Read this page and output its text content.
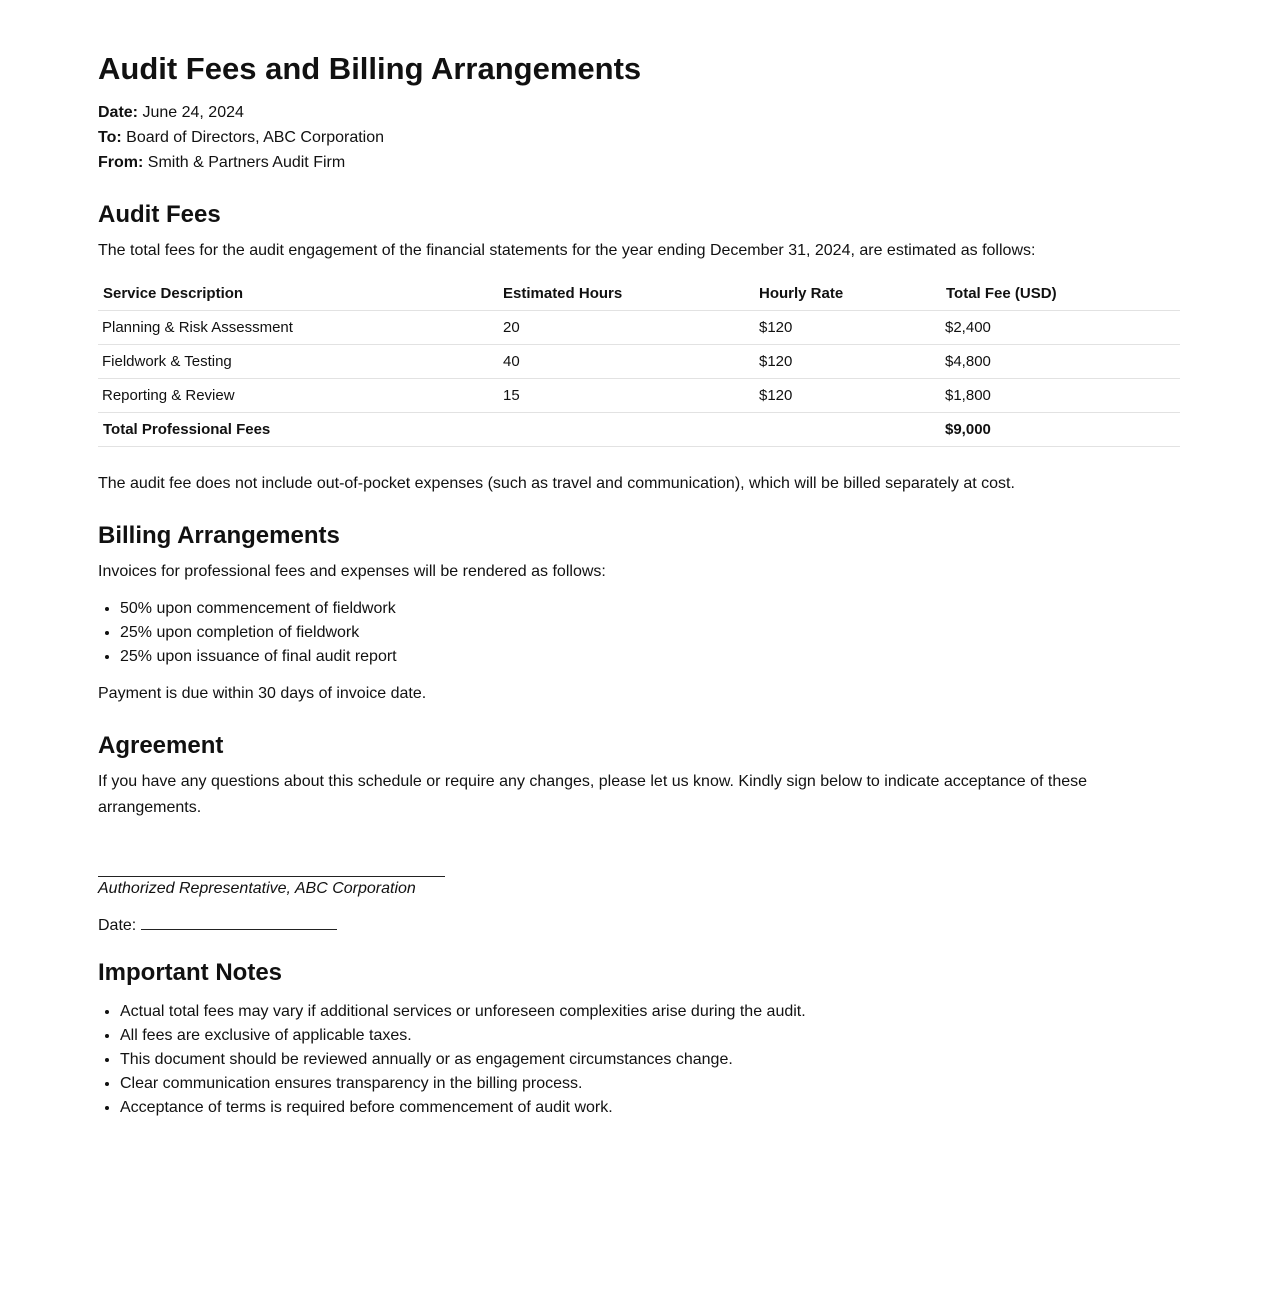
Audit Fees and Billing Arrangements

Date: June 24, 2024

To: Board of Directors, ABC Corporation

From: Smith & Partners Audit Firm

Audit Fees

The total fees for the audit engagement of the financial statements for the year ending December 31, 2024, are estimated as follows:

Service Description	Estimated Hours	Hourly Rate	Total Fee (USD)
Planning & Risk Assessment	20	$120	$2,400
Fieldwork & Testing	40	$120	$4,800
Reporting & Review	15	$120	$1,800
Total Professional Fees			$9,000

The audit fee does not include out-of-pocket expenses (such as travel and communication), which will be billed separately at cost.

Billing Arrangements

Invoices for professional fees and expenses will be rendered as follows:

• 50% upon commencement of fieldwork
• 25% upon completion of fieldwork
• 25% upon issuance of final audit report

Payment is due within 30 days of invoice date.

Agreement

If you have any questions about this schedule or require any changes, please let us know. Kindly sign below to indicate acceptance of these arrangements.

Authorized Representative, ABC Corporation

Date:

Important Notes
• Actual total fees may vary if additional services or unforeseen complexities arise during the audit.
• All fees are exclusive of applicable taxes.
• This document should be reviewed annually or as engagement circumstances change.
• Clear communication ensures transparency in the billing process.
• Acceptance of terms is required before commencement of audit work.
